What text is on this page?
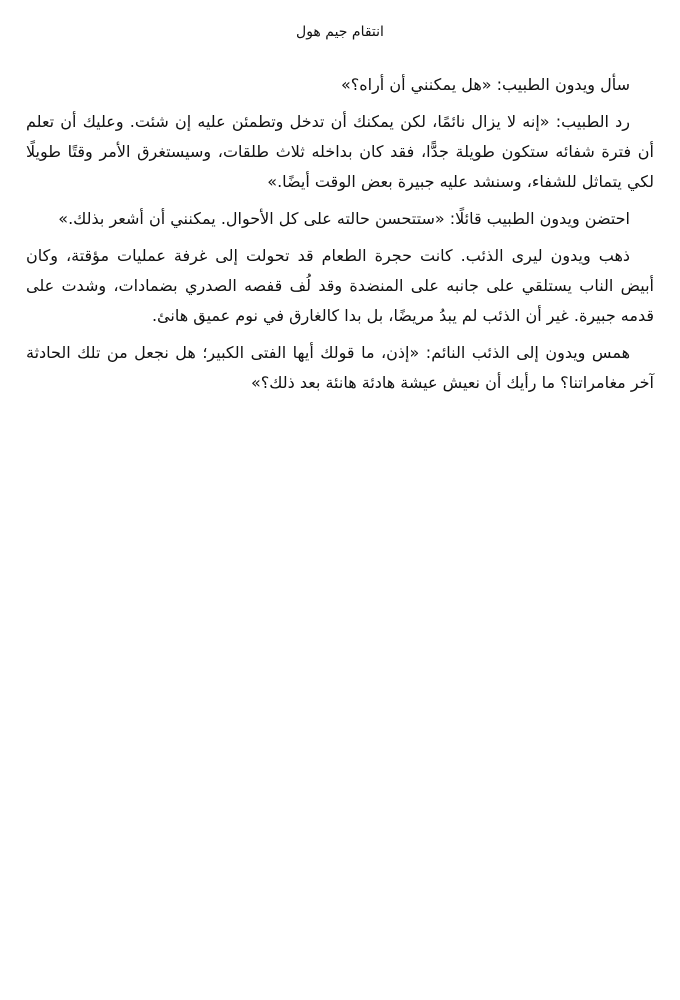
انتقام جيم هول

سأل ويدون الطبيب: «هل يمكنني أن أراه؟»

رد الطبيب: «إنه لا يزال نائمًا، لكن يمكنك أن تدخل وتطمئن عليه إن شئت. وعليك أن تعلم أن فترة شفائه ستكون طويلة جدًّا، فقد كان بداخله ثلاث طلقات، وسيستغرق الأمر وقتًا طويلًا لكي يتماثل للشفاء، وسنشد عليه جبيرة بعض الوقت أيضًا.»

احتضن ويدون الطبيب قائلًا: «ستتحسن حالته على كل الأحوال. يمكنني أن أشعر بذلك.»

ذهب ويدون ليرى الذئب. كانت حجرة الطعام قد تحولت إلى غرفة عمليات مؤقتة، وكان أبيض الناب يستلقي على جانبه على المنضدة وقد لُف قفصه الصدري بضمادات، وشدت على قدمه جبيرة. غير أن الذئب لم يبدُ مريضًا، بل بدا كالغارق في نوم عميق هانئ.

همس ويدون إلى الذئب النائم: «إذن، ما قولك أيها الفتى الكبير؛ هل نجعل من تلك الحادثة آخر مغامراتنا؟ ما رأيك أن نعيش عيشة هادئة هانئة بعد ذلك؟»
